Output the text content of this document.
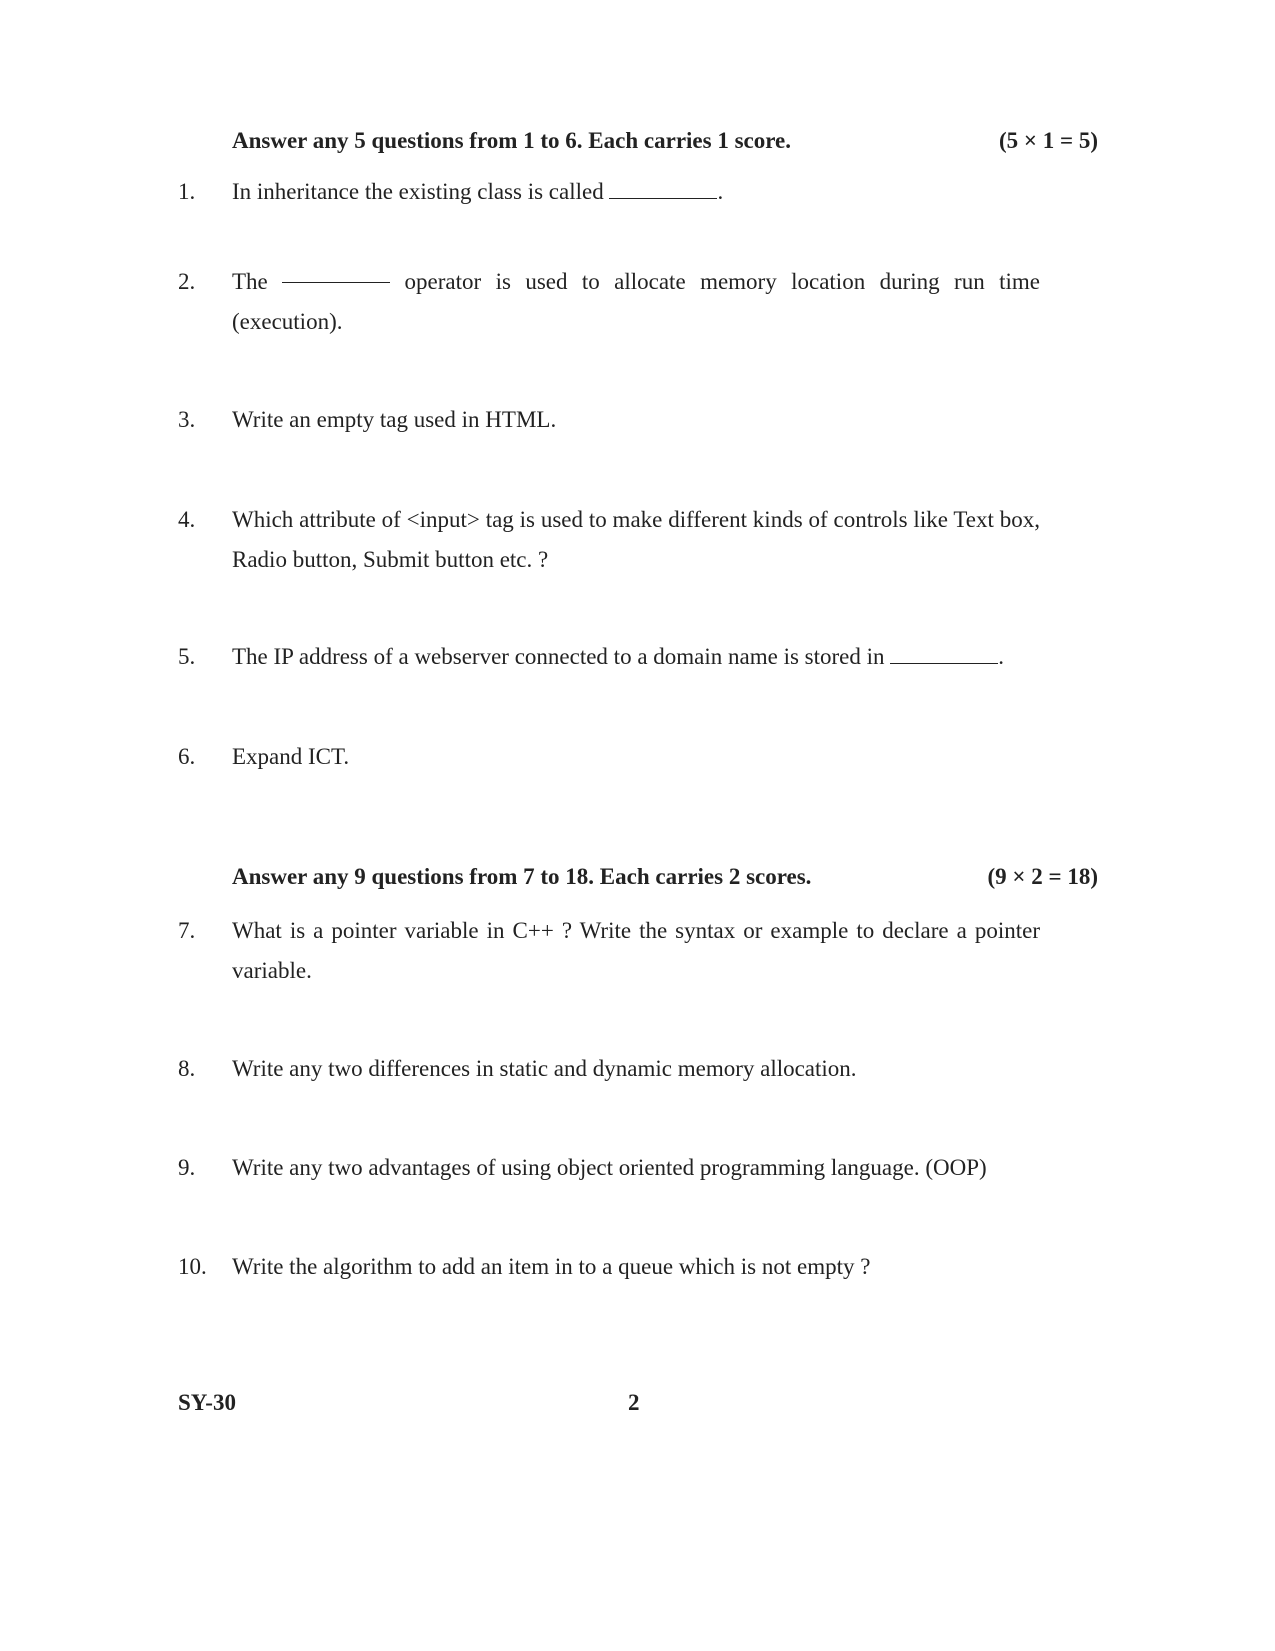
Answer any 5 questions from 1 to 6. Each carries 1 score.	(5 × 1 = 5)
1.	In inheritance the existing class is called	.
2.	The	operator is used to allocate memory location during run time
(execution).
3.	Write an empty tag used in HTML.
4.	Which attribute of <input> tag is used to make different kinds of controls like Text box, Radio button, Submit button etc. ?
5.	The IP address of a webserver connected to a domain name is stored in	.
6.	Expand ICT.
Answer any 9 questions from 7 to 18. Each carries 2 scores.	(9 × 2 = 18)
7.	What is a pointer variable in C++ ? Write the syntax or example to declare a pointer variable.
8.	Write any two differences in static and dynamic memory allocation.
9.	Write any two advantages of using object oriented programming language. (OOP)
10.	Write the algorithm to add an item in to a queue which is not empty ?
SY-30	2
